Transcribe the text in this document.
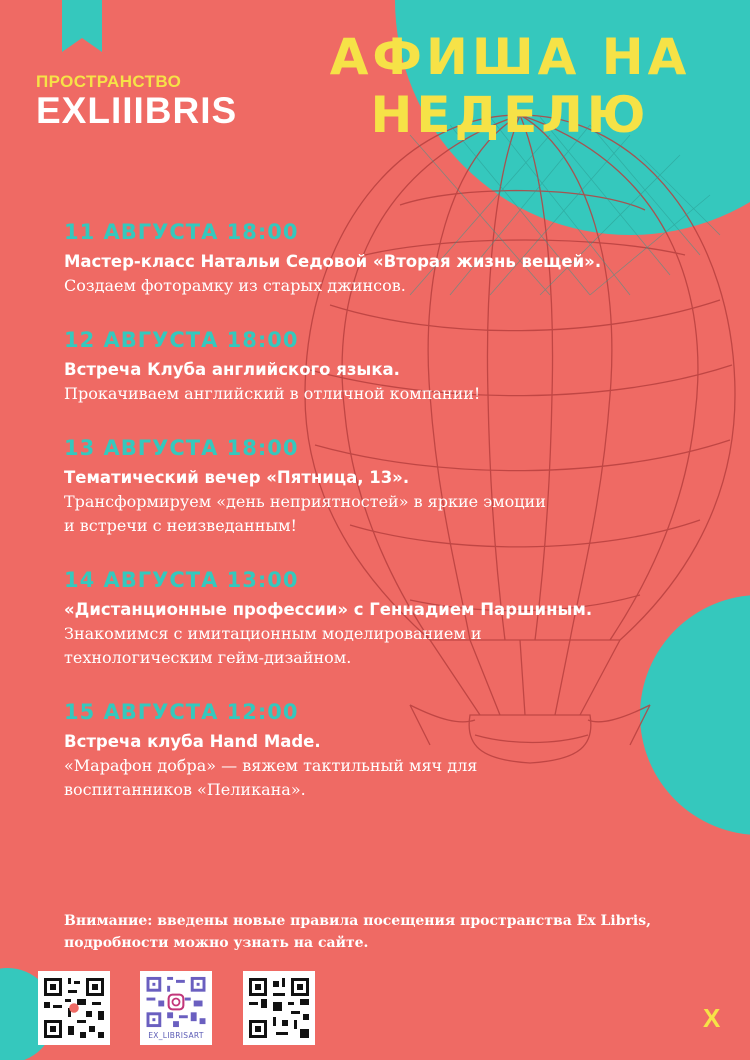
ПРОСТРАНСТВО
EXLIIIBRIS
АФИША НА
НЕДЕЛЮ
11 АВГУСТА 18:00
Мастер-класс Натальи Седовой «Вторая жизнь вещей».
Создаем фоторамку из старых джинсов.
12 АВГУСТА 18:00
Встреча Клуба английского языка.
Прокачиваем английский в отличной компании!
13 АВГУСТА 18:00
Тематический вечер «Пятница, 13».
Трансформируем «день неприятностей» в яркие эмоции
и встречи с неизведанным!
14 АВГУСТА 13:00
«Дистанционные профессии» с Геннадием Паршиным.
Знакомимся с имитационным моделированием и
технологическим гейм-дизайном.
15 АВГУСТА 12:00
Встреча клуба Hand Made.
«Марафон добра» — вяжем тактильный мяч для
воспитанников «Пеликана».
Внимание: введены новые правила посещения пространства Ex Libris,
подробности можно узнать на сайте.
EX_LIBRISART
X
